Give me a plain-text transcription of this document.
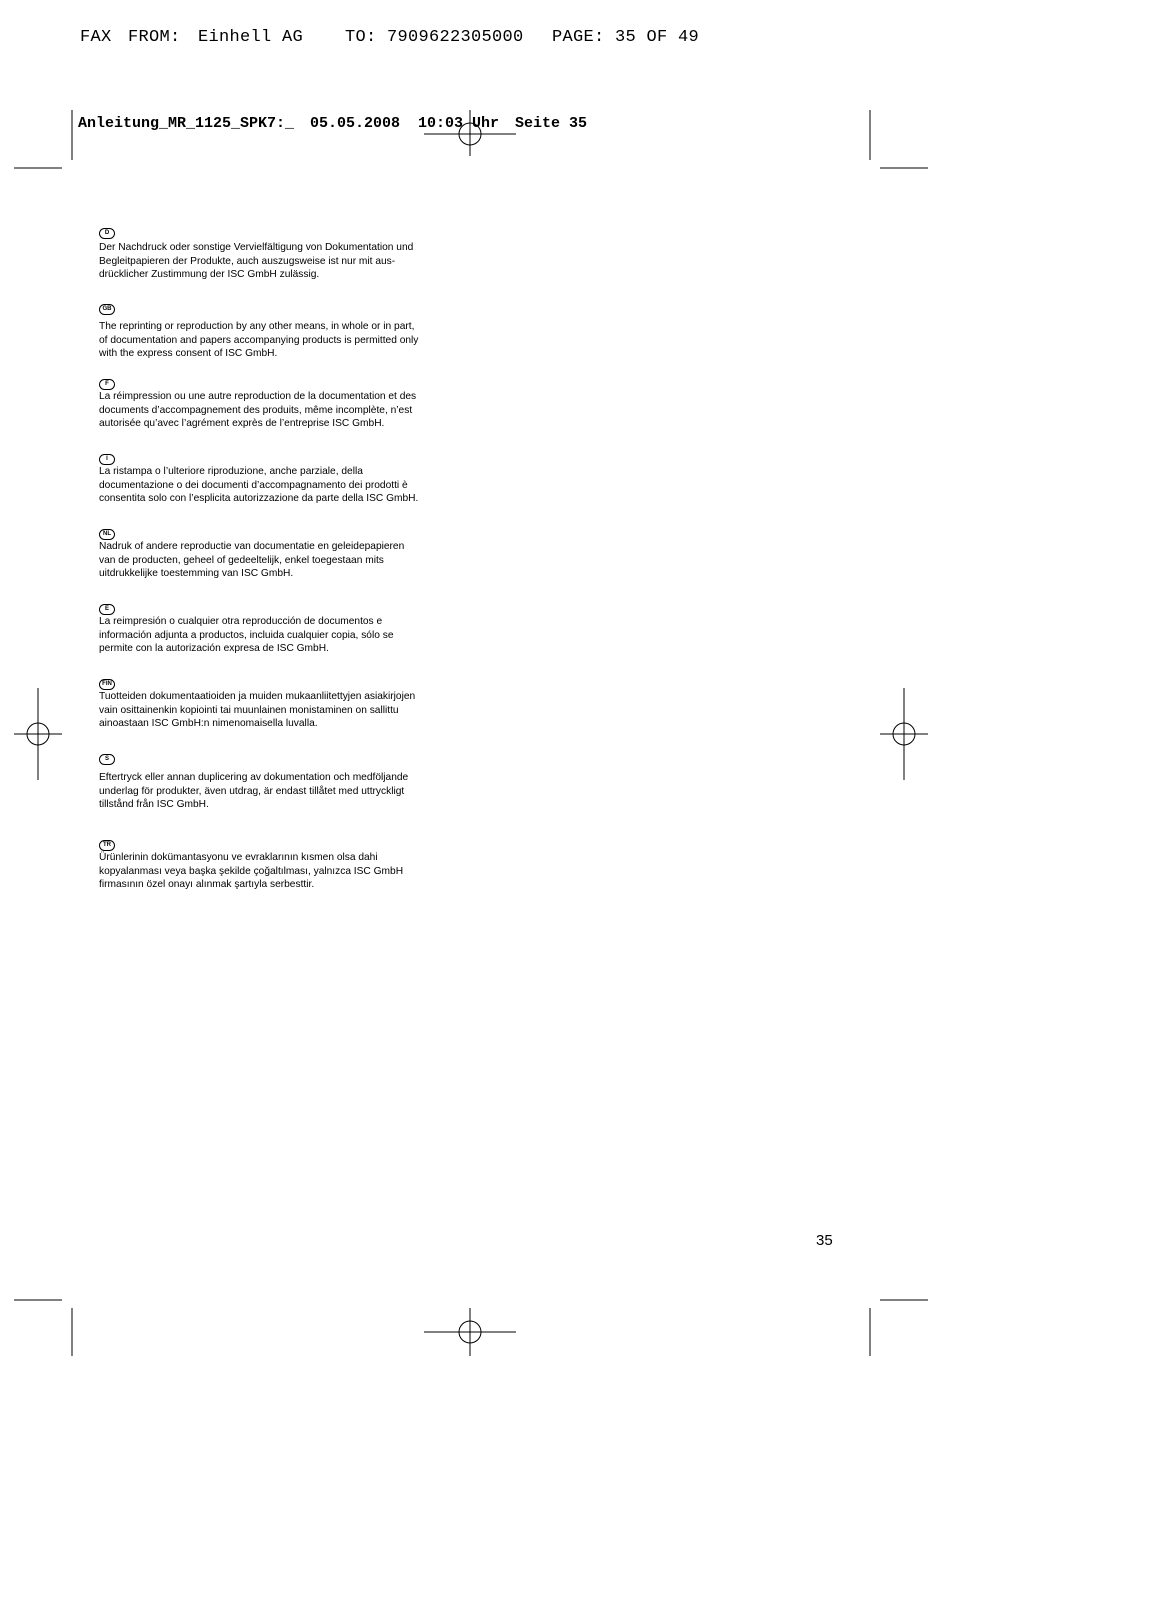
FAX

FROM:

Einhell AG

TO: 7909622305000

PAGE: 35 OF 49

Anleitung_MR_1125_SPK7:_

05.05.2008

10:03 Uhr

Seite 35

D

Der Nachdruck oder sonstige Vervielfältigung von Dokumentation und
Begleitpapieren der Produkte, auch auszugsweise ist nur mit aus-
drücklicher Zustimmung der ISC GmbH zulässig.

GB

The reprinting or reproduction by any other means, in whole or in part,
of documentation and papers accompanying products is permitted only
with the express consent of ISC GmbH.

F

La réimpression ou une autre reproduction de la documentation et des
documents d’accompagnement des produits, même incomplète, n’est
autorisée qu’avec l’agrément exprès de l’entreprise ISC GmbH.

I

La ristampa o l’ulteriore riproduzione, anche parziale, della
documentazione o dei documenti d’accompagnamento dei prodotti è
consentita solo con l’esplicita autorizzazione da parte della ISC GmbH.

NL

Nadruk of andere reproductie van documentatie en geleidepapieren
van de producten, geheel of gedeeltelijk, enkel toegestaan mits
uitdrukkelijke toestemming van ISC GmbH.

E

La reimpresión o cualquier otra reproducción de documentos e
información adjunta a productos, incluida cualquier copia, sólo se
permite con la autorización expresa de ISC GmbH.

FIN

Tuotteiden dokumentaatioiden ja muiden mukaanliitettyjen asiakirjojen
vain osittainenkin kopiointi tai muunlainen monistaminen on sallittu
ainoastaan ISC GmbH:n nimenomaisella luvalla.

S

Eftertryck eller annan duplicering av dokumentation och medföljande
underlag för produkter, även utdrag, är endast tillåtet med uttryckligt
tillstånd från ISC GmbH.

TR

Ürünlerinin dokümantasyonu ve evraklarının kısmen olsa dahi
kopyalanması veya başka şekilde çoğaltılması, yalnızca ISC GmbH
firmasının özel onayı alınmak şartıyla serbesttir.

35
